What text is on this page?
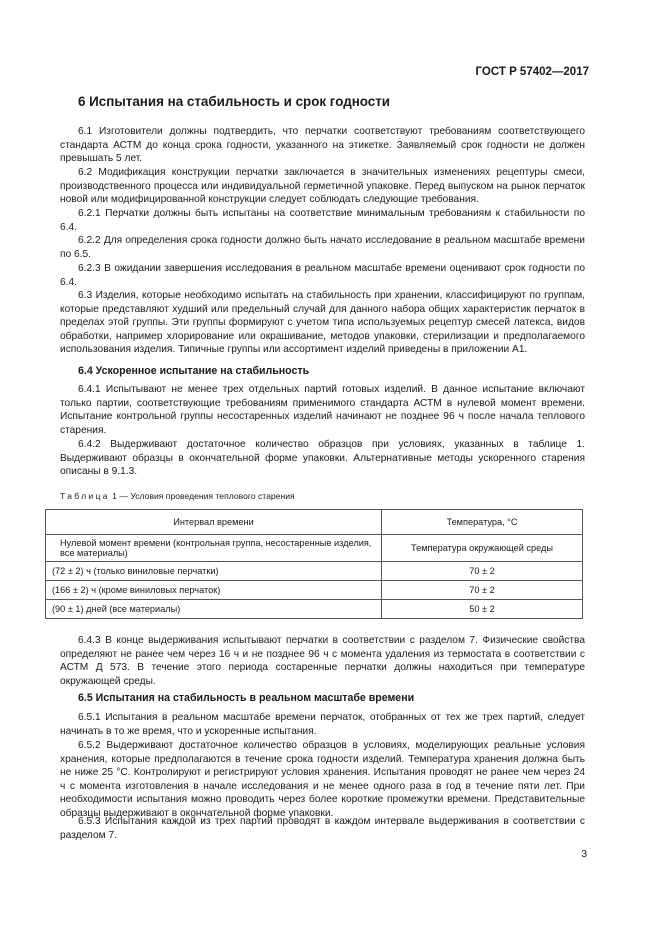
ГОСТ Р 57402—2017
6 Испытания на стабильность и срок годности
6.1 Изготовители должны подтвердить, что перчатки соответствуют требованиям соответствующего стандарта АСТМ до конца срока годности, указанного на этикетке. Заявляемый срок годности не должен превышать 5 лет.
6.2 Модификация конструкции перчатки заключается в значительных изменениях рецептуры смеси, производственного процесса или индивидуальной герметичной упаковке. Перед выпуском на рынок перчаток новой или модифицированной конструкции следует соблюдать следующие требования.
6.2.1 Перчатки должны быть испытаны на соответствие минимальным требованиям к стабильности по 6.4.
6.2.2 Для определения срока годности должно быть начато исследование в реальном масштабе времени по 6.5.
6.2.3 В ожидании завершения исследования в реальном масштабе времени оценивают срок годности по 6.4.
6.3 Изделия, которые необходимо испытать на стабильность при хранении, классифицируют по группам, которые представляют худший или предельный случай для данного набора общих характеристик перчаток в пределах этой группы. Эти группы формируют с учетом типа используемых рецептур смесей латекса, видов обработки, например хлорирование или окрашивание, методов упаковки, стерилизации и предполагаемого использования изделия. Типичные группы или ассортимент изделий приведены в приложении А1.
6.4 Ускоренное испытание на стабильность
6.4.1 Испытывают не менее трех отдельных партий готовых изделий. В данное испытание включают только партии, соответствующие требованиям применимого стандарта АСТМ в нулевой момент времени. Испытание контрольной группы несостаренных изделий начинают не позднее 96 ч после начала теплового старения.
6.4.2 Выдерживают достаточное количество образцов при условиях, указанных в таблице 1. Выдерживают образцы в окончательной форме упаковки. Альтернативные методы ускоренного старения описаны в 9.1.3.
Таблица 1 — Условия проведения теплового старения
Интервал времени	Температура, °С
Нулевой момент времени (контрольная группа, несостаренные изделия, все материалы)	Температура окружающей среды
(72 ± 2) ч (только виниловые перчатки)	70 ± 2
(166 ± 2) ч (кроме виниловых перчаток)	70 ± 2
(90 ± 1) дней (все материалы)	50 ± 2
6.4.3 В конце выдерживания испытывают перчатки в соответствии с разделом 7. Физические свойства определяют не ранее чем через 16 ч и не позднее 96 ч с момента удаления из термостата в соответствии с АСТМ Д 573. В течение этого периода состаренные перчатки должны находиться при температуре окружающей среды.
6.5 Испытания на стабильность в реальном масштабе времени
6.5.1 Испытания в реальном масштабе времени перчаток, отобранных от тех же трех партий, следует начинать в то же время, что и ускоренные испытания.
6.5.2 Выдерживают достаточное количество образцов в условиях, моделирующих реальные условия хранения, которые предполагаются в течение срока годности изделий. Температура хранения должна быть не ниже 25 °С. Контролируют и регистрируют условия хранения. Испытания проводят не ранее чем через 24 ч с момента изготовления в начале исследования и не менее одного раза в год в течение пяти лет. При необходимости испытания можно проводить через более короткие промежутки времени. Представительные образцы выдерживают в окончательной форме упаковки.
6.5.3 Испытания каждой из трех партий проводят в каждом интервале выдерживания в соответствии с разделом 7.
3
